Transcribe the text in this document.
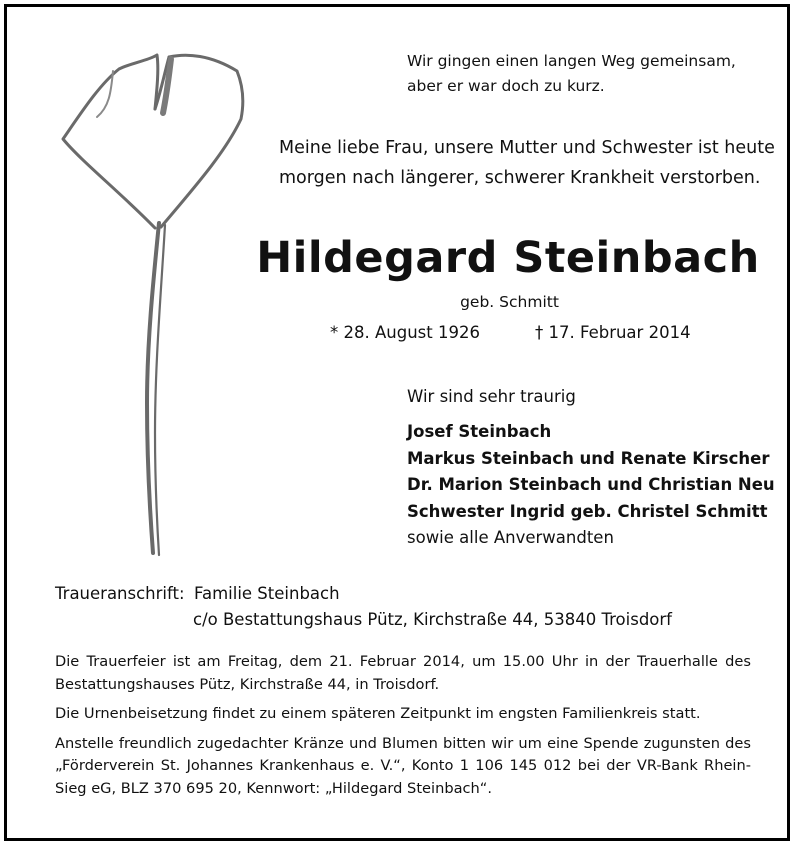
Wir gingen einen langen Weg gemeinsam,
aber er war doch zu kurz.
Meine liebe Frau, unsere Mutter und Schwester ist heute
morgen nach längerer, schwerer Krankheit verstorben.
Hildegard Steinbach
geb. Schmitt
* 28. August 1926	† 17. Februar 2014
Wir sind sehr traurig
Josef Steinbach
Markus Steinbach und Renate Kirscher
Dr. Marion Steinbach und Christian Neu
Schwester Ingrid geb. Christel Schmitt
sowie alle Anverwandten
Traueranschrift: Familie Steinbach
c/o Bestattungshaus Pütz, Kirchstraße 44, 53840 Troisdorf

Die Trauerfeier ist am Freitag, dem 21. Februar 2014, um 15.00 Uhr in der Trauerhalle des Bestattungshauses Pütz, Kirchstraße 44, in Troisdorf.

Die Urnenbeisetzung findet zu einem späteren Zeitpunkt im engsten Familienkreis statt.

Anstelle freundlich zugedachter Kränze und Blumen bitten wir um eine Spende zugunsten des „Förderverein St. Johannes Krankenhaus e. V.“, Konto 1 106 145 012 bei der VR-Bank Rhein-Sieg eG, BLZ 370 695 20, Kennwort: „Hildegard Steinbach“.
